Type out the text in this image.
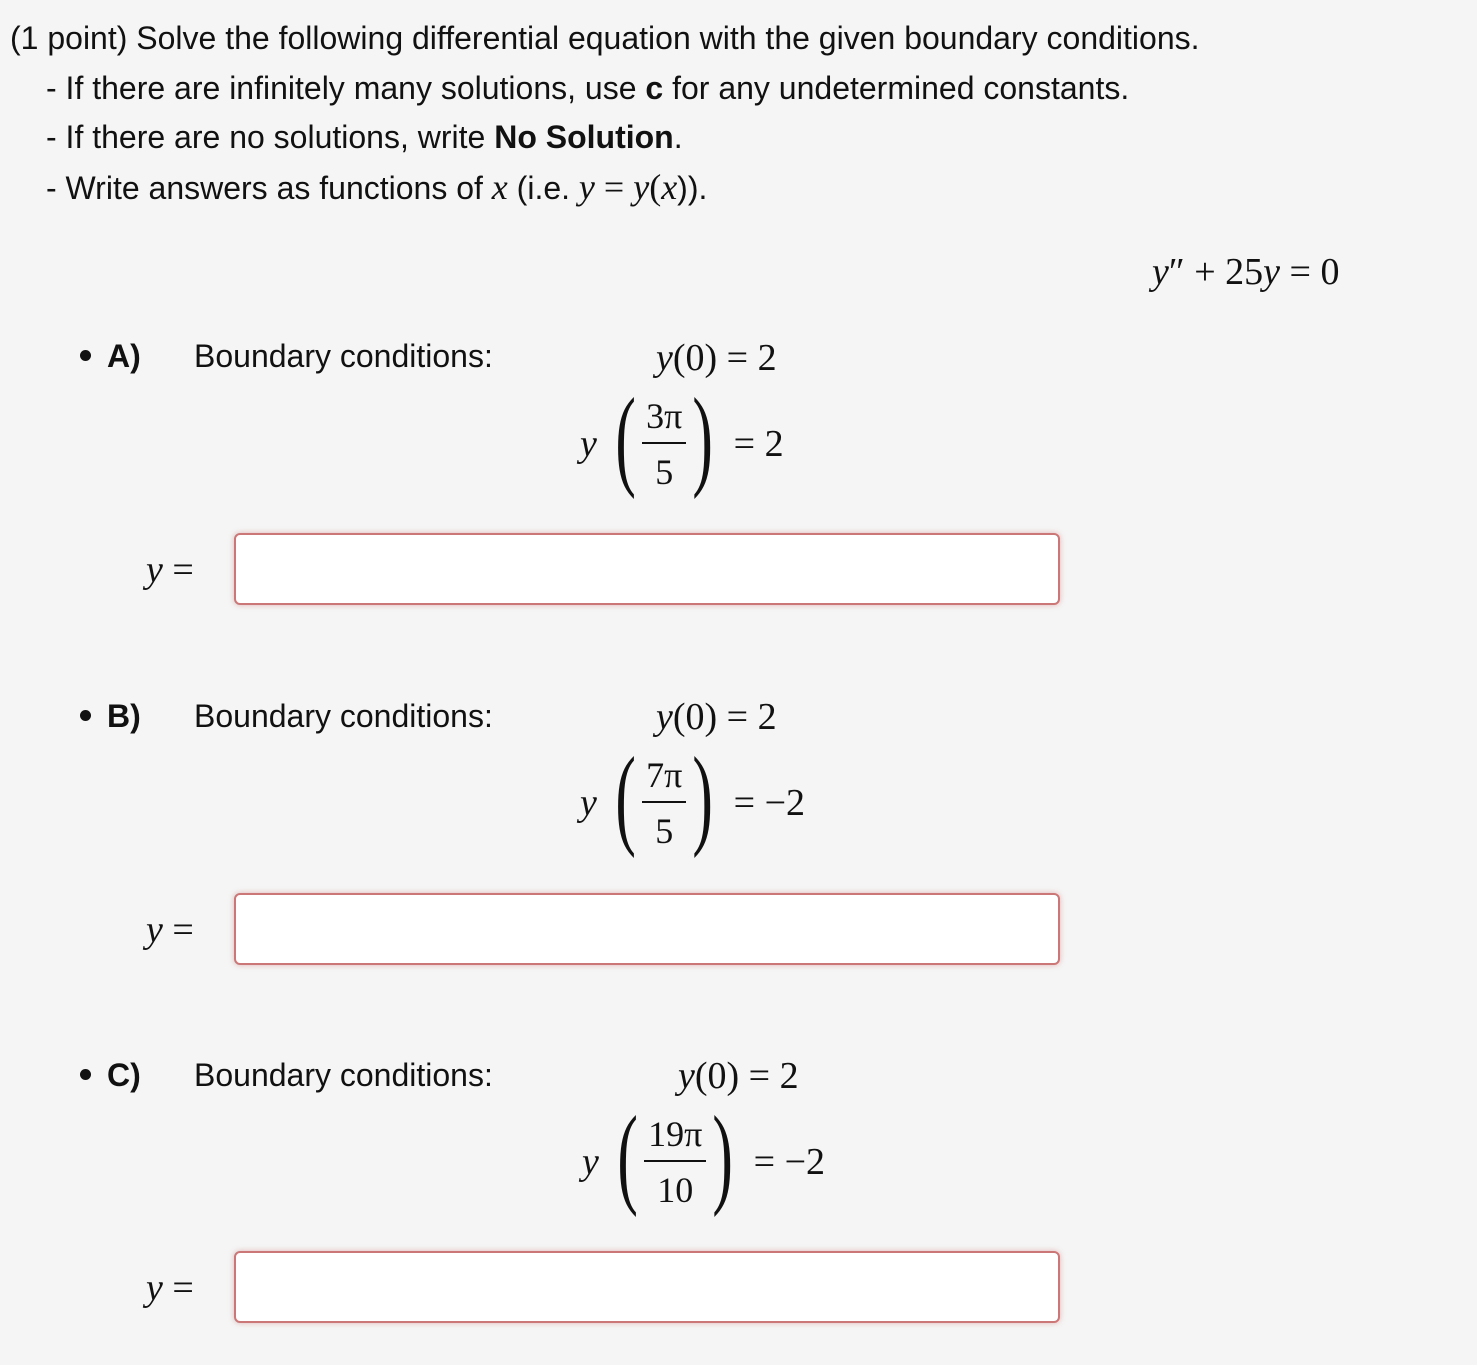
(1 point) Solve the following differential equation with the given boundary conditions.
- If there are infinitely many solutions, use c for any undetermined constants.
- If there are no solutions, write No Solution.
- Write answers as functions of x (i.e. y = y(x)).
y″ + 25y = 0
A) Boundary conditions:	y(0) = 2
y ( $\frac{3\pi}{5}$ ) = 2
y =
B) Boundary conditions:	y(0) = 2
y ( $\frac{7\pi}{5}$ ) = −2
y =
C) Boundary conditions:	y(0) = 2
y ( $\frac{19\pi}{10}$ ) = −2
y =
